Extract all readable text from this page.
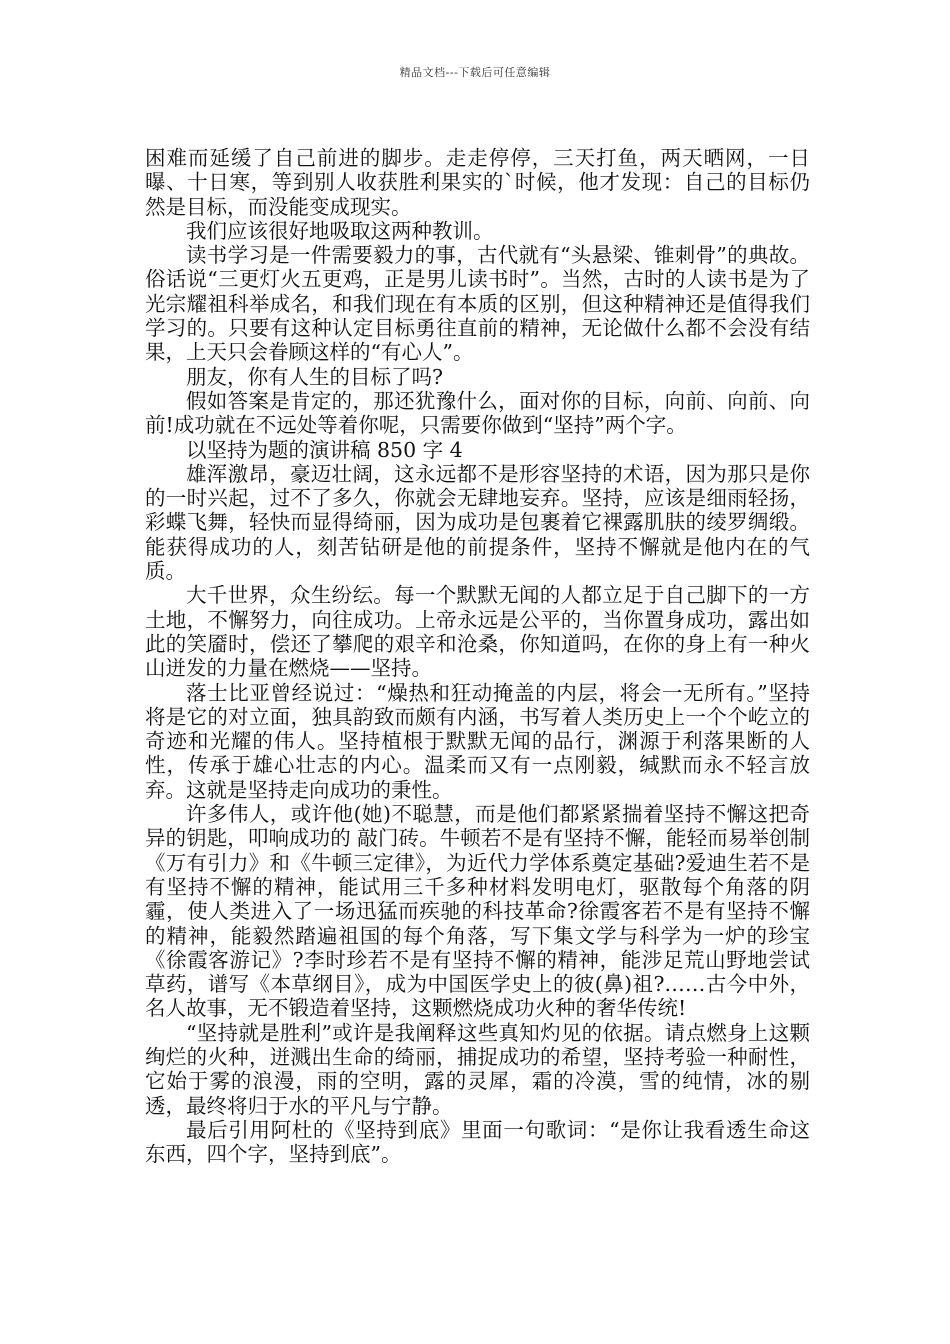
精品文档---下载后可任意编辑

困难而延缓了自己前进的脚步。走走停停，三天打鱼，两天晒网，一日曝、十日寒，等到别人收获胜利果实的`时候，他才发现：自己的目标仍然是目标，而没能变成现实。

我们应该很好地吸取这两种教训。

读书学习是一件需要毅力的事，古代就有“头悬梁、锥刺骨”的典故。俗话说“三更灯火五更鸡，正是男儿读书时”。当然，古时的人读书是为了光宗耀祖科举成名，和我们现在有本质的区别，但这种精神还是值得我们学习的。只要有这种认定目标勇往直前的精神，无论做什么都不会没有结果，上天只会眷顾这样的“有心人”。

朋友，你有人生的目标了吗?

假如答案是肯定的，那还犹豫什么，面对你的目标，向前、向前、向前!成功就在不远处等着你呢，只需要你做到“坚持”两个字。

以坚持为题的演讲稿 850 字 4

雄浑激昂，豪迈壮阔，这永远都不是形容坚持的术语，因为那只是你的一时兴起，过不了多久，你就会无肆地妄弃。坚持，应该是细雨轻扬，彩蝶飞舞，轻快而显得绮丽，因为成功是包裹着它裸露肌肤的绫罗绸缎。能获得成功的人，刻苦钻研是他的前提条件，坚持不懈就是他内在的气质。

大千世界，众生纷纭。每一个默默无闻的人都立足于自己脚下的一方土地，不懈努力，向往成功。上帝永远是公平的，当你置身成功，露出如此的笑靥时，偿还了攀爬的艰辛和沧桑，你知道吗，在你的身上有一种火山迸发的力量在燃烧——坚持。

落士比亚曾经说过：“燥热和狂动掩盖的内层，将会一无所有。”坚持将是它的对立面，独具韵致而颇有内涵，书写着人类历史上一个个屹立的奇迹和光耀的伟人。坚持植根于默默无闻的品行，渊源于利落果断的人性，传承于雄心壮志的内心。温柔而又有一点刚毅，缄默而永不轻言放弃。这就是坚持走向成功的秉性。

许多伟人，或许他(她)不聪慧，而是他们都紧紧揣着坚持不懈这把奇异的钥匙，叩响成功的 敲门砖。牛顿若不是有坚持不懈，能轻而易举创制《万有引力》和《牛顿三定律》，为近代力学体系奠定基础?爱迪生若不是有坚持不懈的精神，能试用三千多种材料发明电灯，驱散每个角落的阴霾，使人类进入了一场迅猛而疾驰的科技革命?徐霞客若不是有坚持不懈的精神，能毅然踏遍祖国的每个角落，写下集文学与科学为一炉的珍宝《徐霞客游记》?李时珍若不是有坚持不懈的精神，能涉足荒山野地尝试草药，谱写《本草纲目》，成为中国医学史上的彼(鼻)祖?……古今中外，名人故事，无不锻造着坚持，这颗燃烧成功火种的奢华传统!

“坚持就是胜利”或许是我阐释这些真知灼见的依据。请点燃身上这颗绚烂的火种，迸溅出生命的绮丽，捕捉成功的希望，坚持考验一种耐性，它始于雾的浪漫，雨的空明，露的灵犀，霜的冷漠，雪的纯情，冰的剔透，最终将归于水的平凡与宁静。

最后引用阿杜的《坚持到底》里面一句歌词：“是你让我看透生命这东西，四个字，坚持到底”。
